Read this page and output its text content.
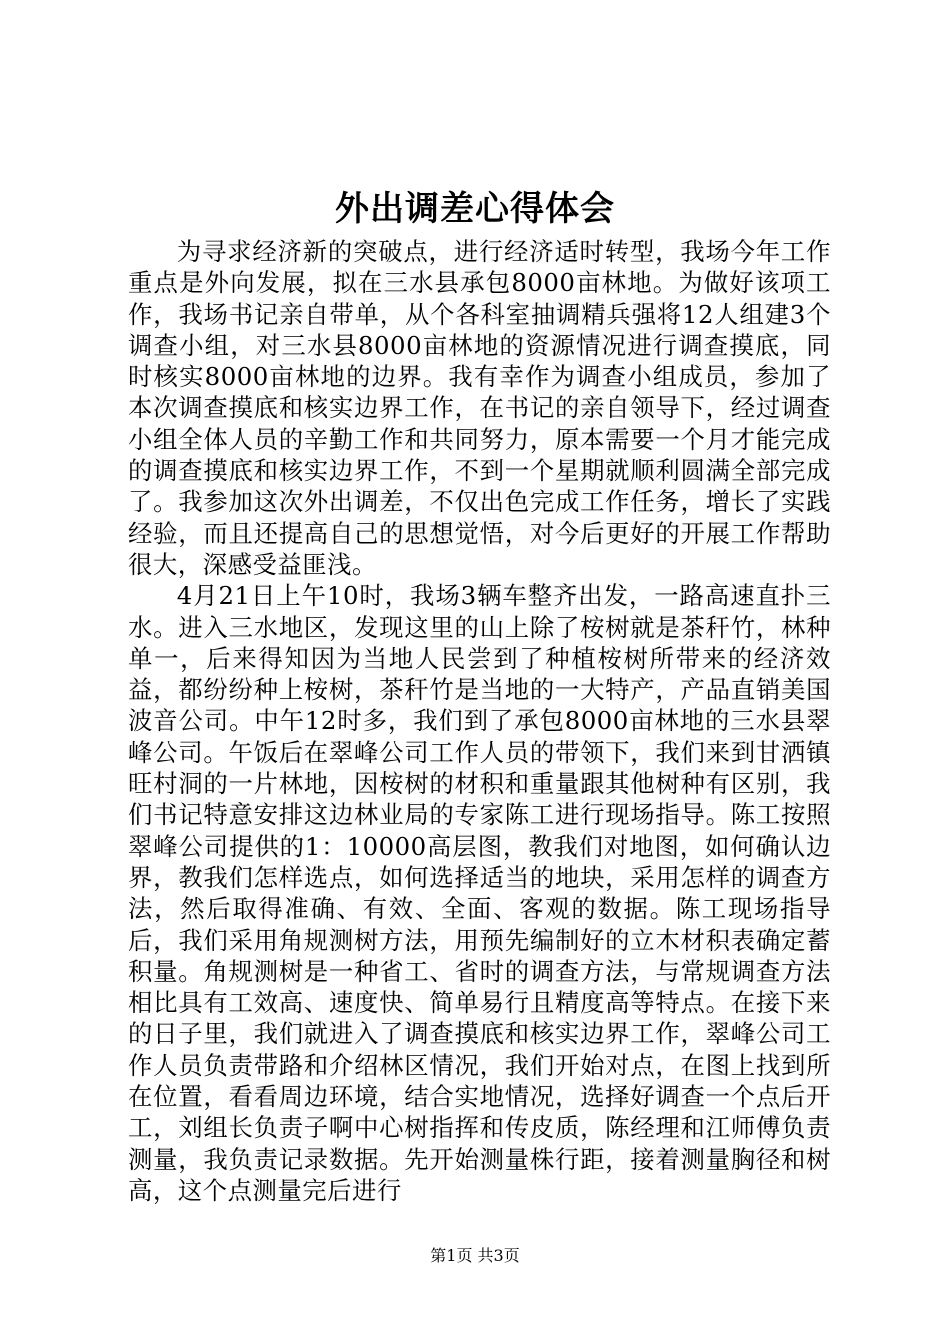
外出调差心得体会

为寻求经济新的突破点，进行经济适时转型，我场今年工作重点是外向发展，拟在三水县承包8000亩林地。为做好该项工作，我场书记亲自带单，从个各科室抽调精兵强将12人组建3个调查小组，对三水县8000亩林地的资源情况进行调查摸底，同时核实8000亩林地的边界。我有幸作为调查小组成员，参加了本次调查摸底和核实边界工作，在书记的亲自领导下，经过调查小组全体人员的辛勤工作和共同努力，原本需要一个月才能完成的调查摸底和核实边界工作，不到一个星期就顺利圆满全部完成了。我参加这次外出调差，不仅出色完成工作任务，增长了实践经验，而且还提高自己的思想觉悟，对今后更好的开展工作帮助很大，深感受益匪浅。

4月21日上午10时，我场3辆车整齐出发，一路高速直扑三水。进入三水地区，发现这里的山上除了桉树就是茶秆竹，林种单一，后来得知因为当地人民尝到了种植桉树所带来的经济效益，都纷纷种上桉树，茶秆竹是当地的一大特产，产品直销美国波音公司。中午12时多，我们到了承包8000亩林地的三水县翠峰公司。午饭后在翠峰公司工作人员的带领下，我们来到甘洒镇旺村洞的一片林地，因桉树的材积和重量跟其他树种有区别，我们书记特意安排这边林业局的专家陈工进行现场指导。陈工按照翠峰公司提供的1：10000高层图，教我们对地图，如何确认边界，教我们怎样选点，如何选择适当的地块，采用怎样的调查方法，然后取得准确、有效、全面、客观的数据。陈工现场指导后，我们采用角规测树方法，用预先编制好的立木材积表确定蓄积量。角规测树是一种省工、省时的调查方法，与常规调查方法相比具有工效高、速度快、简单易行且精度高等特点。在接下来的日子里，我们就进入了调查摸底和核实边界工作，翠峰公司工作人员负责带路和介绍林区情况，我们开始对点，在图上找到所在位置，看看周边环境，结合实地情况，选择好调查一个点后开工，刘组长负责子啊中心树指挥和传皮质，陈经理和江师傅负责测量，我负责记录数据。先开始测量株行距，接着测量胸径和树高，这个点测量完后进行

第1页 共3页
